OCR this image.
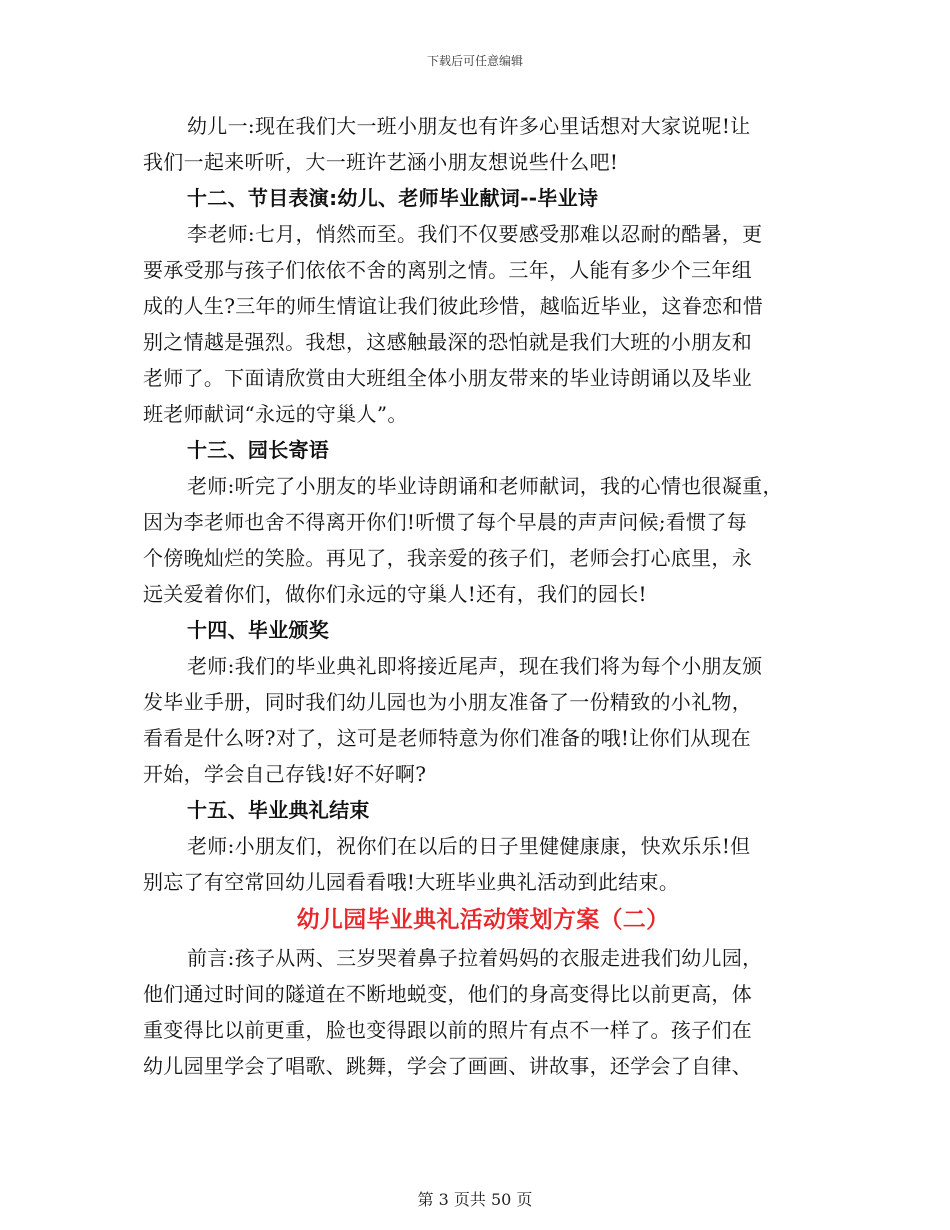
下载后可任意编辑
幼儿一:现在我们大一班小朋友也有许多心里话想对大家说呢!让
我们一起来听听，大一班许艺涵小朋友想说些什么吧!
十二、节目表演:幼儿、老师毕业献词--毕业诗
李老师:七月，悄然而至。我们不仅要感受那难以忍耐的酷暑，更
要承受那与孩子们依依不舍的离别之情。三年，人能有多少个三年组
成的人生?三年的师生情谊让我们彼此珍惜，越临近毕业，这眷恋和惜
别之情越是强烈。我想，这感触最深的恐怕就是我们大班的小朋友和
老师了。下面请欣赏由大班组全体小朋友带来的毕业诗朗诵以及毕业
班老师献词“永远的守巢人”。
十三、园长寄语
老师:听完了小朋友的毕业诗朗诵和老师献词，我的心情也很凝重，
因为李老师也舍不得离开你们!听惯了每个早晨的声声问候;看惯了每
个傍晚灿烂的笑脸。再见了，我亲爱的孩子们，老师会打心底里，永
远关爱着你们，做你们永远的守巢人!还有，我们的园长!
十四、毕业颁奖
老师:我们的毕业典礼即将接近尾声，现在我们将为每个小朋友颁
发毕业手册，同时我们幼儿园也为小朋友准备了一份精致的小礼物，
看看是什么呀?对了，这可是老师特意为你们准备的哦!让你们从现在
开始，学会自己存钱!好不好啊?
十五、毕业典礼结束
老师:小朋友们，祝你们在以后的日子里健健康康，快欢乐乐!但
别忘了有空常回幼儿园看看哦!大班毕业典礼活动到此结束。
幼儿园毕业典礼活动策划方案（二）
前言:孩子从两、三岁哭着鼻子拉着妈妈的衣服走进我们幼儿园，
他们通过时间的隧道在不断地蜕变，他们的身高变得比以前更高，体
重变得比以前更重，脸也变得跟以前的照片有点不一样了。孩子们在
幼儿园里学会了唱歌、跳舞，学会了画画、讲故事，还学会了自律、
第 3 页共 50 页
